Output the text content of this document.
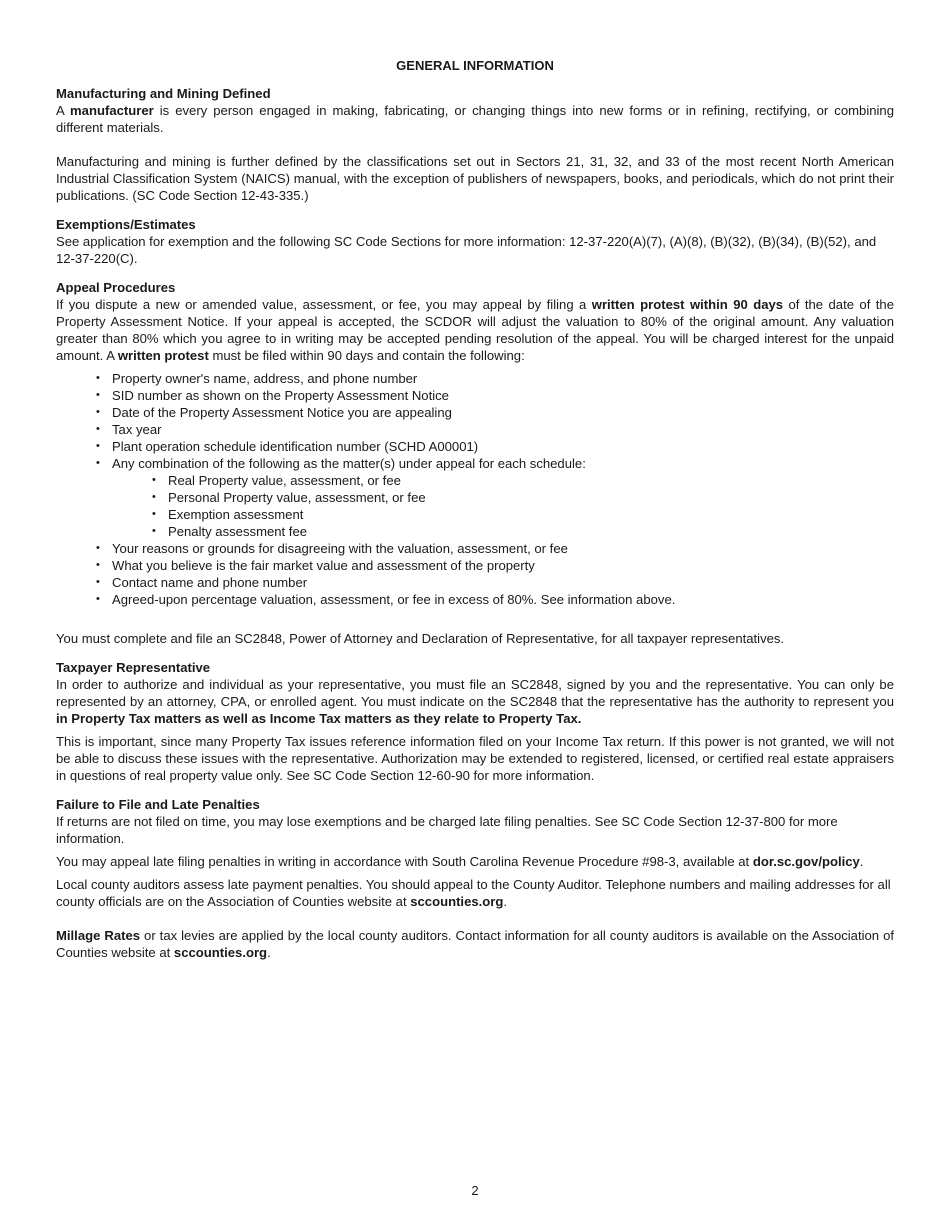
GENERAL INFORMATION
Manufacturing and Mining Defined

A manufacturer is every person engaged in making, fabricating, or changing things into new forms or in refining, rectifying, or combining different materials.

Manufacturing and mining is further defined by the classifications set out in Sectors 21, 31, 32, and 33 of the most recent North American Industrial Classification System (NAICS) manual, with the exception of publishers of newspapers, books, and periodicals, which do not print their publications. (SC Code Section 12-43-335.)

Exemptions/Estimates

See application for exemption and the following SC Code Sections for more information: 12-37-220(A)(7), (A)(8), (B)(32), (B)(34), (B)(52), and 12-37-220(C).

Appeal Procedures

If you dispute a new or amended value, assessment, or fee, you may appeal by filing a written protest within 90 days of the date of the Property Assessment Notice. If your appeal is accepted, the SCDOR will adjust the valuation to 80% of the original amount. Any valuation greater than 80% which you agree to in writing may be accepted pending resolution of the appeal. You will be charged interest for the unpaid amount. A written protest must be filed within 90 days and contain the following:

• Property owner's name, address, and phone number
• SID number as shown on the Property Assessment Notice
• Date of the Property Assessment Notice you are appealing
• Tax year
• Plant operation schedule identification number (SCHD A00001)
• Any combination of the following as the matter(s) under appeal for each schedule:
• Real Property value, assessment, or fee
• Personal Property value, assessment, or fee
• Exemption assessment
• Penalty assessment fee
• Your reasons or grounds for disagreeing with the valuation, assessment, or fee
• What you believe is the fair market value and assessment of the property
• Contact name and phone number
• Agreed-upon percentage valuation, assessment, or fee in excess of 80%. See information above.

You must complete and file an SC2848, Power of Attorney and Declaration of Representative, for all taxpayer representatives.

Taxpayer Representative

In order to authorize and individual as your representative, you must file an SC2848, signed by you and the representative. You can only be represented by an attorney, CPA, or enrolled agent. You must indicate on the SC2848 that the representative has the authority to represent you in Property Tax matters as well as Income Tax matters as they relate to Property Tax.

This is important, since many Property Tax issues reference information filed on your Income Tax return. If this power is not granted, we will not be able to discuss these issues with the representative. Authorization may be extended to registered, licensed, or certified real estate appraisers in questions of real property value only. See SC Code Section 12-60-90 for more information.

Failure to File and Late Penalties

If returns are not filed on time, you may lose exemptions and be charged late filing penalties. See SC Code Section 12-37-800 for more information.

You may appeal late filing penalties in writing in accordance with South Carolina Revenue Procedure #98-3, available at dor.sc.gov/policy.

Local county auditors assess late payment penalties. You should appeal to the County Auditor. Telephone numbers and mailing addresses for all county officials are on the Association of Counties website at sccounties.org.

Millage Rates or tax levies are applied by the local county auditors. Contact information for all county auditors is available on the Association of Counties website at sccounties.org.

2
